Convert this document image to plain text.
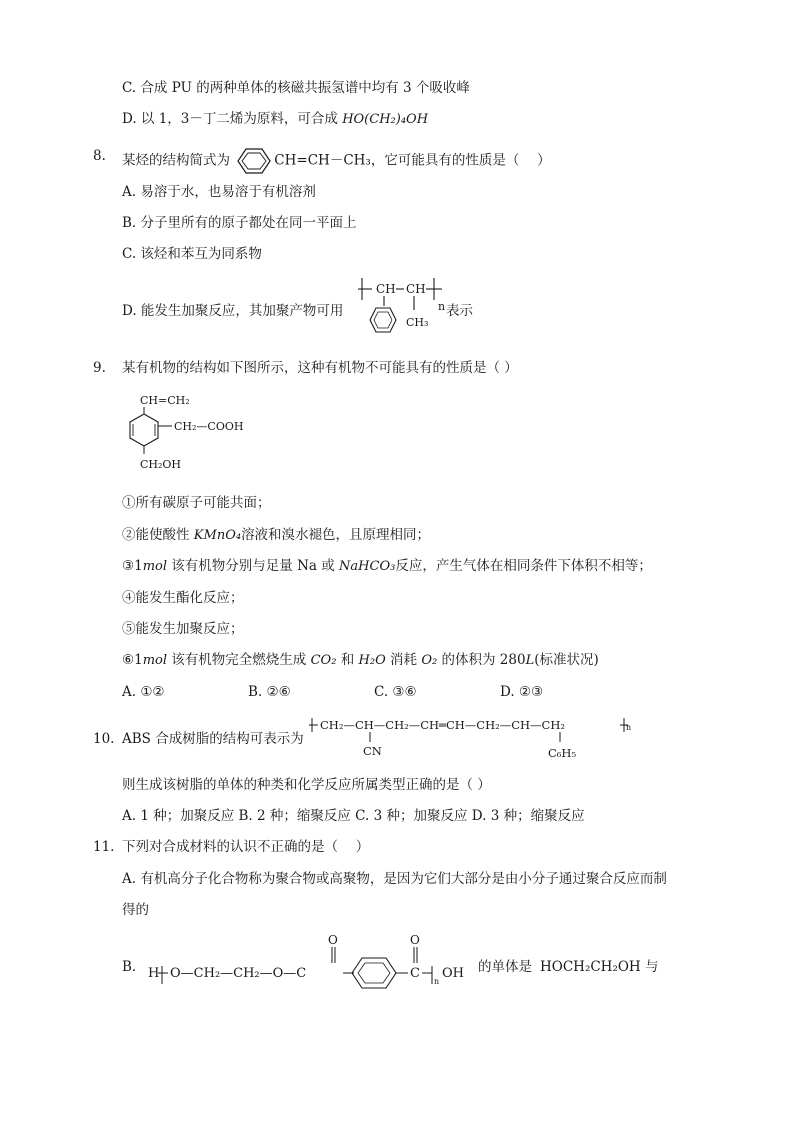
C. 合成 PU 的两种单体的核磁共振氢谱中均有 3 个吸收峰
D. 以 1，3－丁二烯为原料，可合成 HO(CH₂)₄OH
8. 某烃的结构简式为	CH=CH－CH₃，它可能具有的性质是（　 ）
A. 易溶于水，也易溶于有机溶剂
B. 分子里所有的原子都处在同一平面上
C. 该烃和苯互为同系物
D. 能发生加聚反应，其加聚产物可用
CH CH
n
CH₃
表示
9. 某有机物的结构如下图所示，这种有机物不可能具有的性质是（ ）
CH=CH₂
CH₂—COOH
CH₂OH
①所有碳原子可能共面；
②能使酸性 KMnO₄溶液和溴水褪色，且原理相同；
③1mol 该有机物分别与足量 Na 或 NaHCO₃反应，产生气体在相同条件下体积不相等；
④能发生酯化反应；
⑤能发生加聚反应；
⑥1mol 该有机物完全燃烧生成 CO₂ 和 H₂O 消耗 O₂ 的体积为 280L(标准状况)
A. ①②	B. ②⑥	C. ③⑥	D. ②③
10. ABS 合成树脂的结构可表示为
CH₂—CH—CH₂—CH═CH—CH₂—CH—CH₂	n
CN	C₆H₅
则生成该树脂的单体的种类和化学反应所属类型正确的是（ ）
A. 1 种；加聚反应 B. 2 种；缩聚反应 C. 3 种；加聚反应 D. 3 种；缩聚反应
11. 下列对合成材料的认识不正确的是（　 ）
A. 有机高分子化合物称为聚合物或高聚物，是因为它们大部分是由小分子通过聚合反应而制
得的
B. H O—CH₂—CH₂—O—C
O
C
O
n
OH 的单体是 HOCH₂CH₂OH 与
